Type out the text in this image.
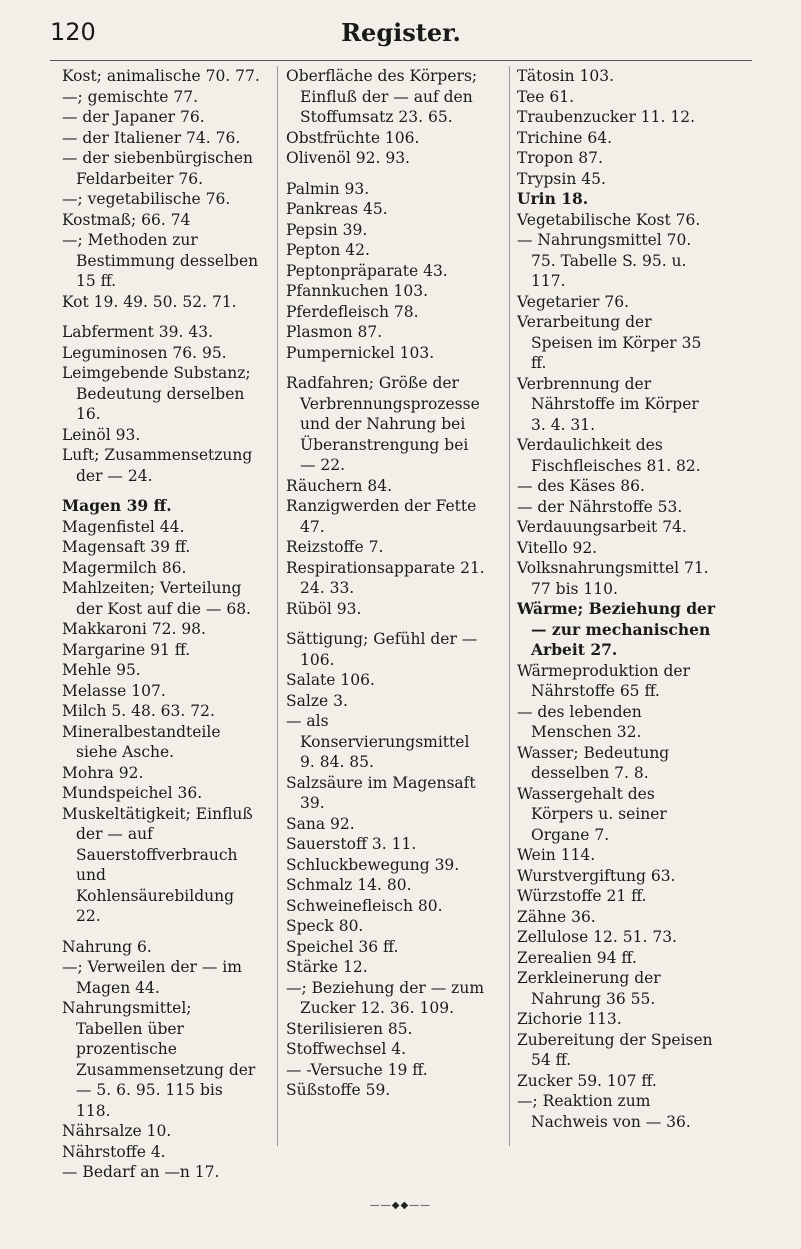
120	Register.

Kost; animalische 70. 77.

—; gemischte 77.

— der Japaner 76.

— der Italiener 74. 76.

— der siebenbürgischen Feldarbeiter 76.

—; vegetabilische 76.

Kostmaß; 66. 74

—; Methoden zur Bestimmung desselben 15 ff.

Kot 19. 49. 50. 52. 71.

Labferment 39. 43.

Leguminosen 76. 95.

Leimgebende Substanz; Bedeutung derselben 16.

Leinöl 93.

Luft; Zusammensetzung der — 24.

Magen 39 ff.

Magenfistel 44.

Magensaft 39 ff.

Magermilch 86.

Mahlzeiten; Verteilung der Kost auf die — 68.

Makkaroni 72. 98.

Margarine 91 ff.

Mehle 95.

Melasse 107.

Milch 5. 48. 63. 72.

Mineralbestandteile siehe Asche.

Mohra 92.

Mundspeichel 36.

Muskeltätigkeit; Einfluß der — auf Sauerstoffverbrauch und Kohlensäurebildung 22.

Nahrung 6.

—; Verweilen der — im Magen 44.

Nahrungsmittel; Tabellen über prozentische Zusammensetzung der — 5. 6. 95. 115 bis 118.

Nährsalze 10.

Nährstoffe 4.

— Bedarf an —n 17.

Oberfläche des Körpers; Einfluß der — auf den Stoffumsatz 23. 65.

Obstfrüchte 106.

Olivenöl 92. 93.

Palmin 93.

Pankreas 45.

Pepsin 39.

Pepton 42.

Peptonpräparate 43.

Pfannkuchen 103.

Pferdefleisch 78.

Plasmon 87.

Pumpernickel 103.

Radfahren; Größe der Verbrennungsprozesse und der Nahrung bei Überanstrengung bei — 22.

Räuchern 84.

Ranzigwerden der Fette 47.

Reizstoffe 7.

Respirationsapparate 21. 24. 33.

Rüböl 93.

Sättigung; Gefühl der — 106.

Salate 106.

Salze 3.

— als Konservierungsmittel 9. 84. 85.

Salzsäure im Magensaft 39.

Sana 92.

Sauerstoff 3. 11.

Schluckbewegung 39.

Schmalz 14. 80.

Schweinefleisch 80.

Speck 80.

Speichel 36 ff.

Stärke 12.

—; Beziehung der — zum Zucker 12. 36. 109.

Sterilisieren 85.

Stoffwechsel 4.

— -Versuche 19 ff.

Süßstoffe 59.

Tätosin 103.

Tee 61.

Traubenzucker 11. 12.

Trichine 64.

Tropon 87.

Trypsin 45.

Urin 18.

Vegetabilische Kost 76.

— Nahrungsmittel 70. 75. Tabelle S. 95. u. 117.

Vegetarier 76.

Verarbeitung der Speisen im Körper 35 ff.

Verbrennung der Nährstoffe im Körper 3. 4. 31.

Verdaulichkeit des Fischfleisches 81. 82.

— des Käses 86.

— der Nährstoffe 53.

Verdauungsarbeit 74.

Vitello 92.

Volksnahrungsmittel 71. 77 bis 110.

Wärme; Beziehung der — zur mechanischen Arbeit 27.

Wärmeproduktion der Nährstoffe 65 ff.

— des lebenden Menschen 32.

Wasser; Bedeutung desselben 7. 8.

Wassergehalt des Körpers u. seiner Organe 7.

Wein 114.

Wurstvergiftung 63.

Würzstoffe 21 ff.

Zähne 36.

Zellulose 12. 51. 73.

Zerealien 94 ff.

Zerkleinerung der Nahrung 36 55.

Zichorie 113.

Zubereitung der Speisen 54 ff.

Zucker 59. 107 ff.

—; Reaktion zum Nachweis von — 36.

——◆◆——
